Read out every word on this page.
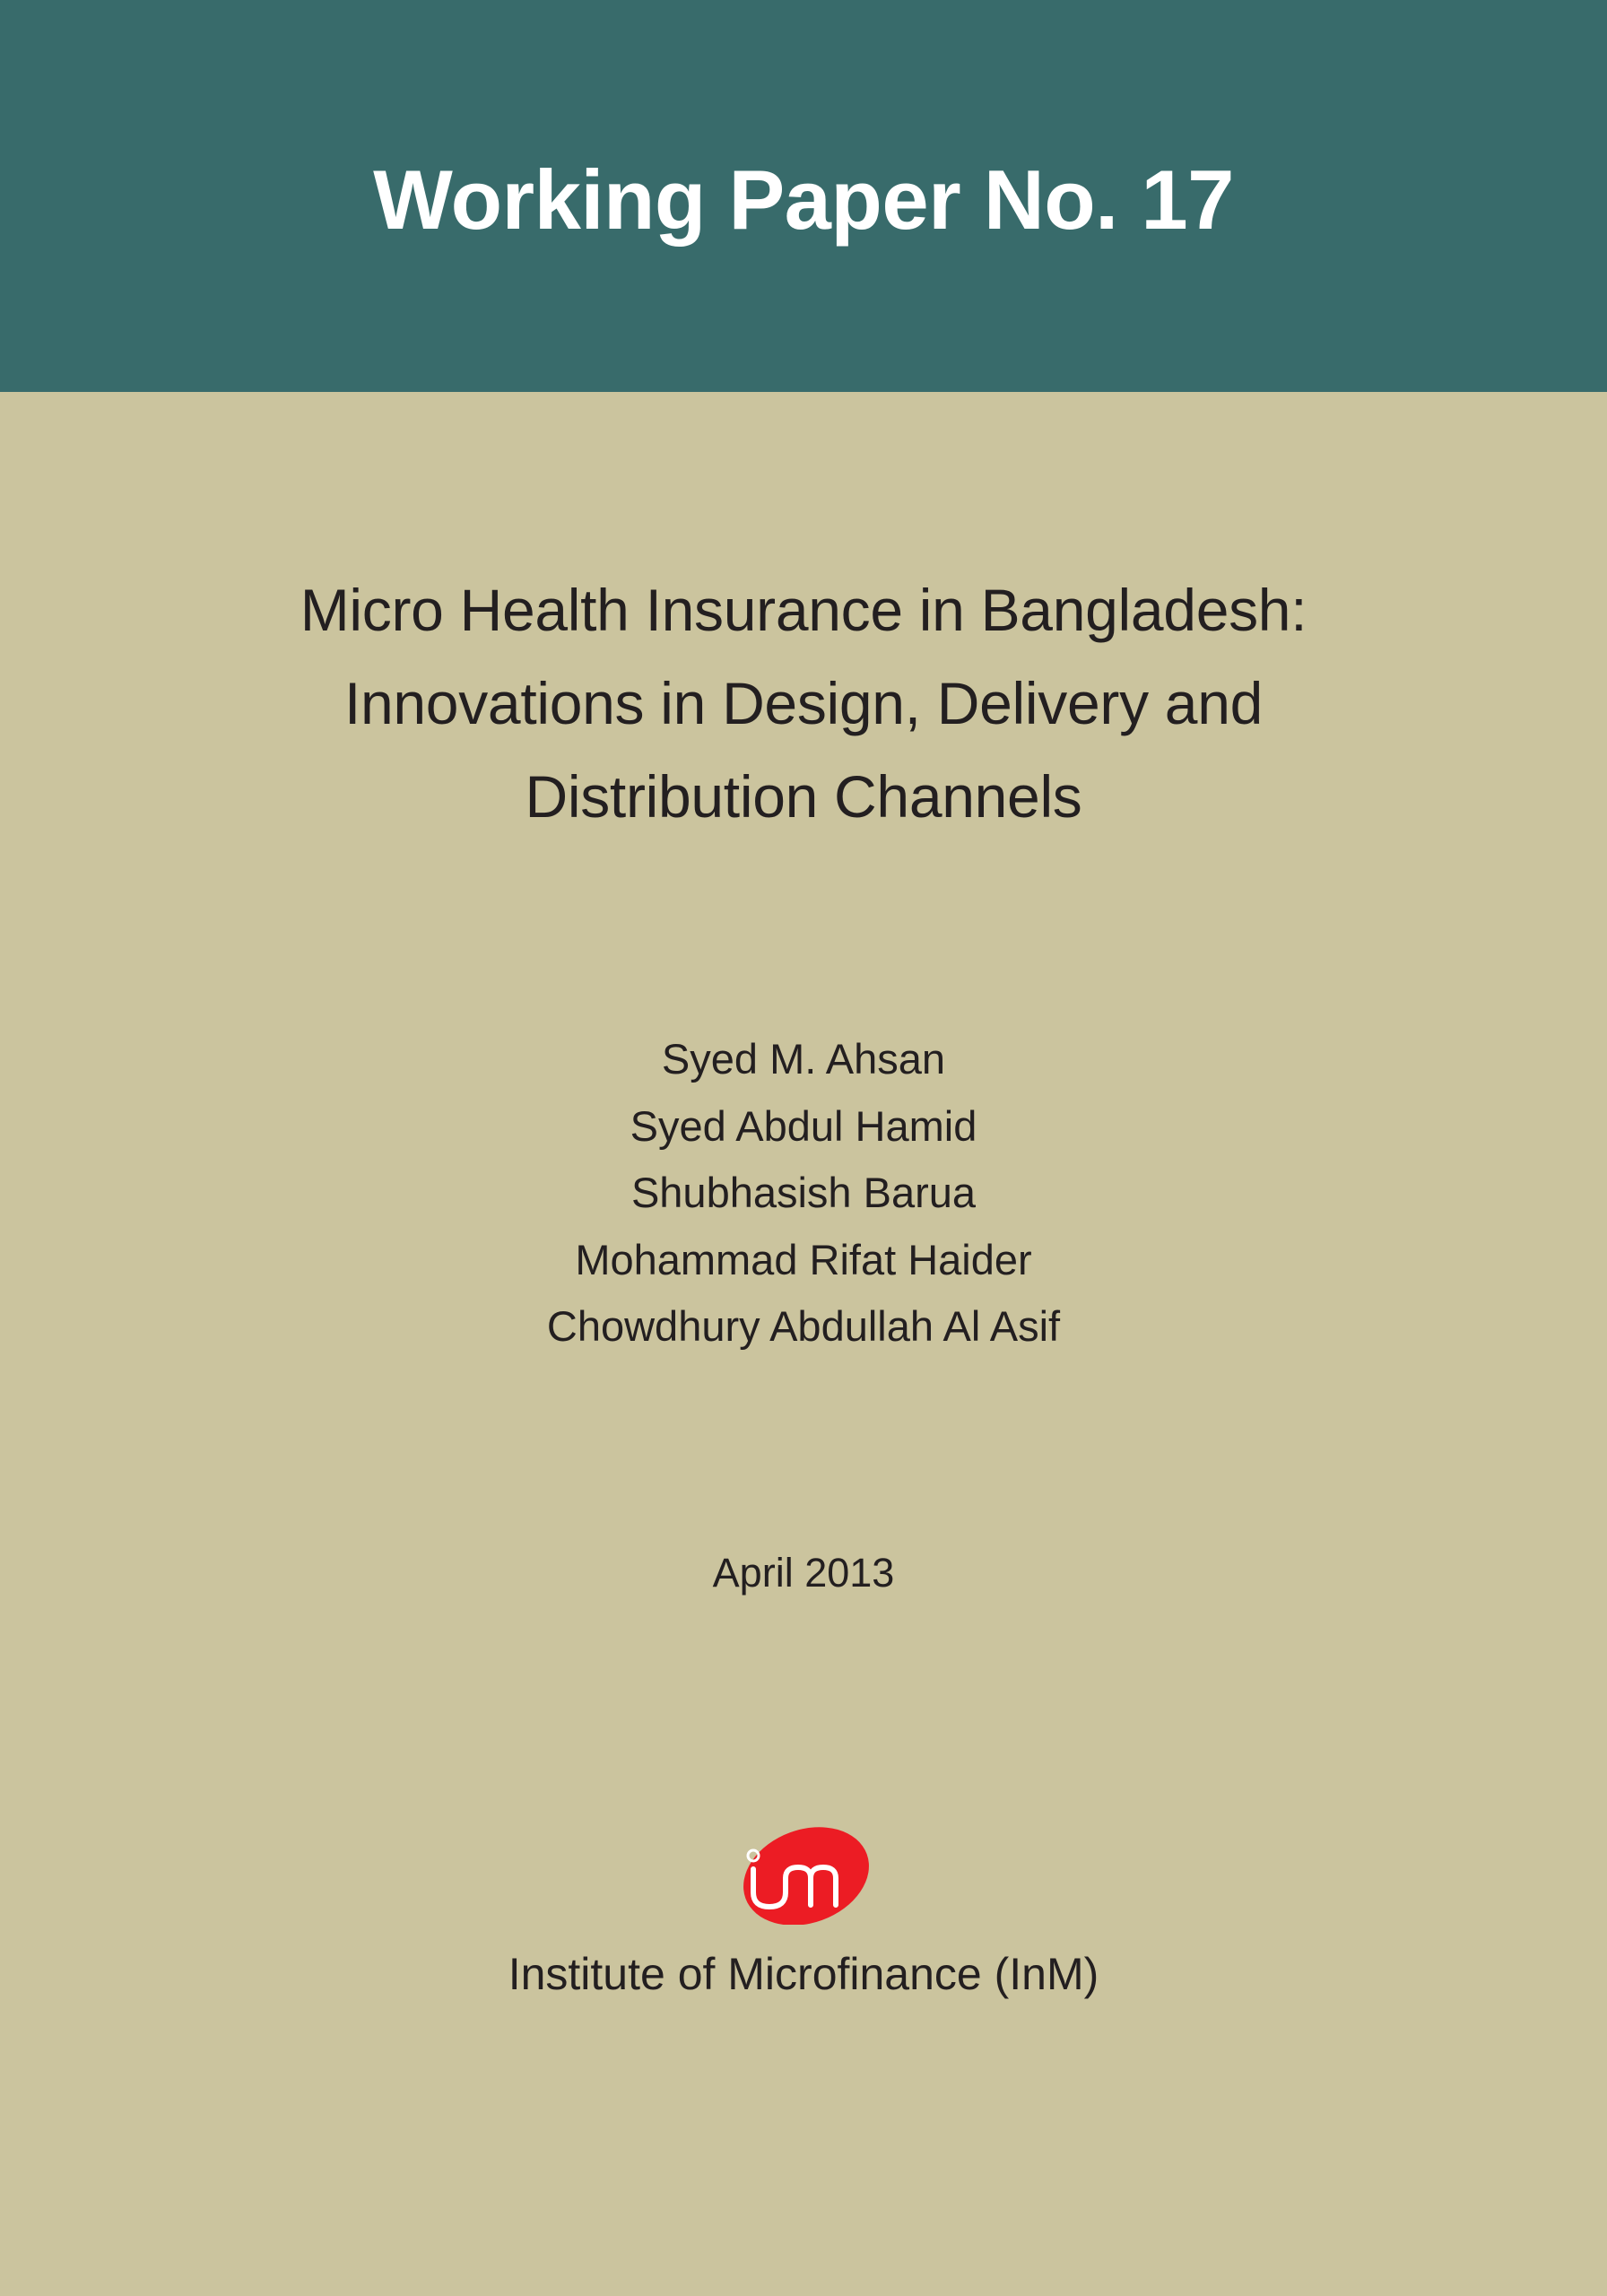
Working Paper No. 17
Micro Health Insurance in Bangladesh:
Innovations in Design, Delivery and
Distribution Channels
Syed M. Ahsan
Syed Abdul Hamid
Shubhasish Barua
Mohammad Rifat Haider
Chowdhury Abdullah Al Asif
April 2013
Institute of Microfinance (InM)
